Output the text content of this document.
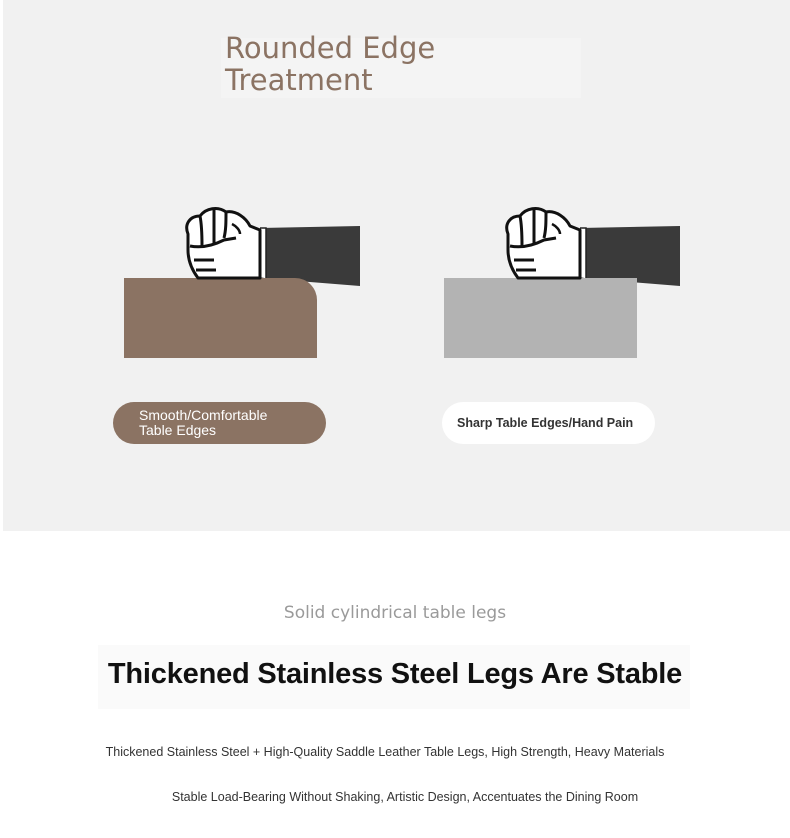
Rounded Edge
Treatment
Smooth/Comfortable
Table Edges	Sharp Table Edges/Hand Pain
Solid cylindrical table legs
Thickened Stainless Steel Legs Are Stable

Thickened Stainless Steel + High-Quality Saddle Leather Table Legs, High Strength, Heavy Materials

Stable Load-Bearing Without Shaking, Artistic Design, Accentuates the Dining Room
